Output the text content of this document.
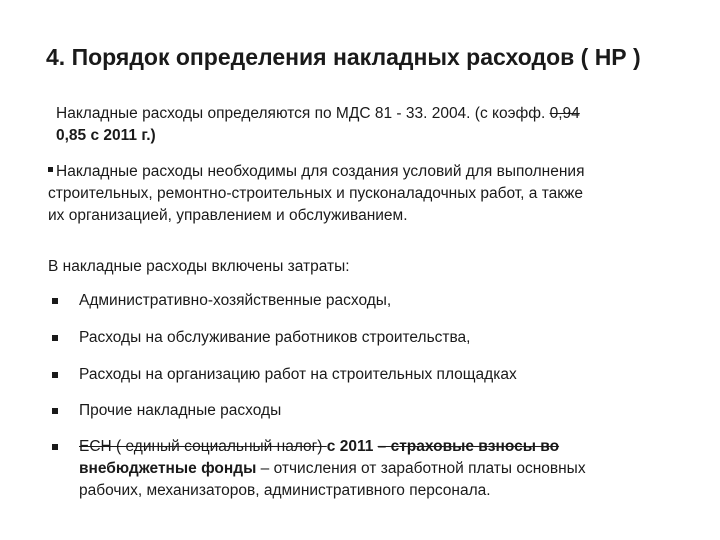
4. Порядок определения накладных расходов ( НР )
Накладные расходы определяются по МДС 81 - 33. 2004. (с коэфф. 0,94
0,85 с 2011 г.)
Накладные расходы необходимы для создания условий для выполнения
строительных, ремонтно-строительных и пусконаладочных работ, а также
их организацией, управлением и обслуживанием.
В накладные расходы включены затраты:
Административно-хозяйственные расходы,
Расходы на обслуживание работников строительства,
Расходы на организацию работ на строительных площадках
Прочие накладные расходы
ЕСН ( единый социальный налог) с 2011 – страховые взносы во
внебюджетные фонды – отчисления от заработной платы основных
рабочих, механизаторов, административного персонала.
